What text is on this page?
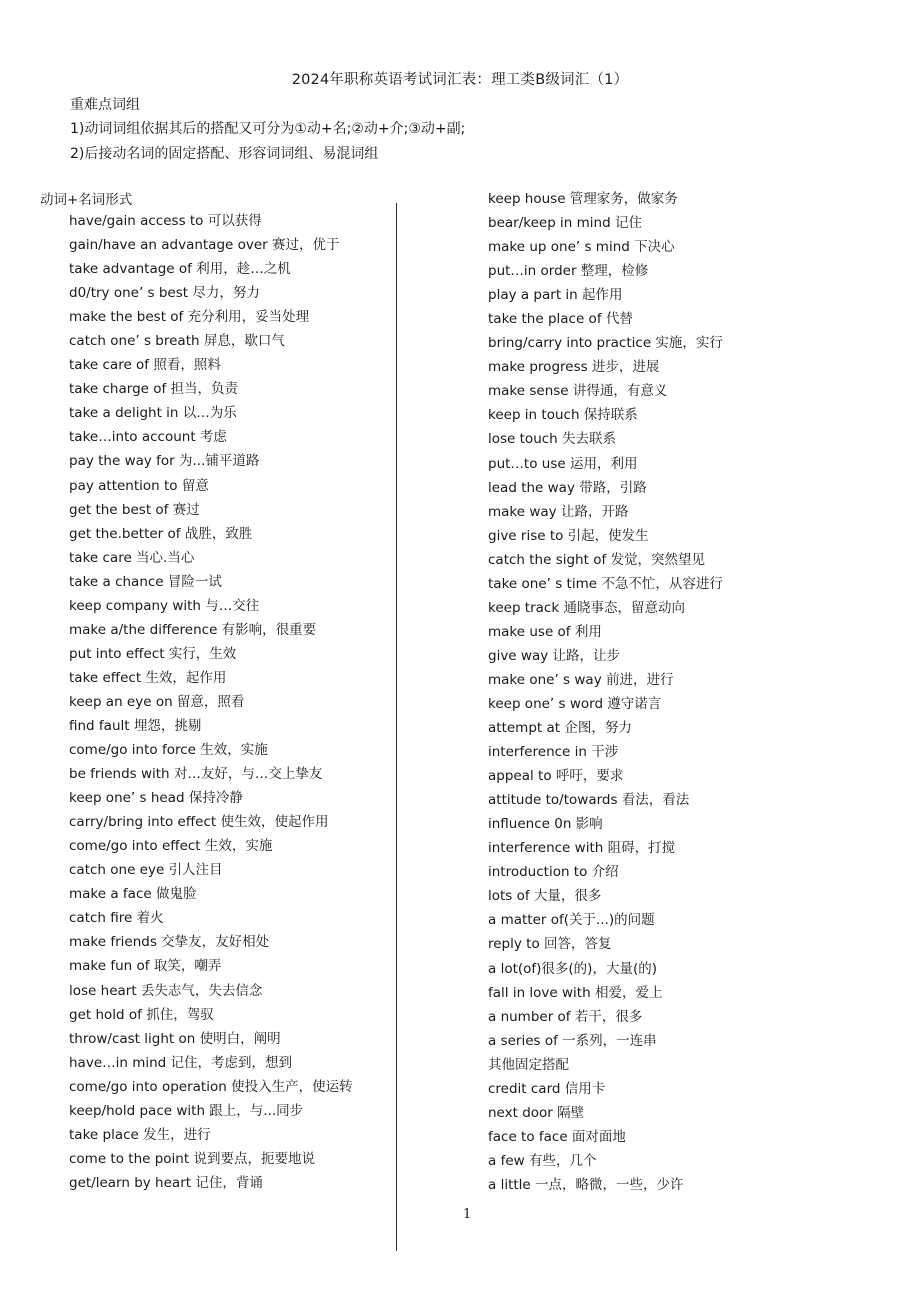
2024年职称英语考试词汇表：理工类B级词汇（1）
重难点词组
1)动词词组依据其后的搭配又可分为①动+名;②动+介;③动+副;
2)后接动名词的固定搭配、形容词词组、易混词组
动词+名词形式
have/gain access to 可以获得
gain/have an advantage over 赛过，优于
take advantage of 利用，趁…之机
d0/try one’ s best 尽力，努力
make the best of 充分利用，妥当处理
catch one’ s breath 屏息，歇口气
take care of 照看，照料
take charge of 担当，负责
take a delight in 以…为乐
take…into account 考虑
pay the way for 为...铺平道路
pay attention to 留意
get the best of 赛过
get the.better of 战胜，致胜
take care 当心.当心
take a chance 冒险一试
keep company with 与…交往
make a/the difference 有影响，很重要
put into effect 实行，生效
take effect 生效，起作用
keep an eye on 留意，照看
find fault 埋怨，挑剔
come/go into force 生效，实施
be friends with 对…友好，与…交上挚友
keep one’ s head 保持冷静
carry/bring into effect 使生效，使起作用
come/go into effect 生效，实施
catch one eye 引人注目
make a face 做鬼脸
catch fire 着火
make friends 交挚友，友好相处
make fun of 取笑，嘲弄
lose heart 丢失志气，失去信念
get hold of 抓住，驾驭
throw/cast light on 使明白，阐明
have…in mind 记住，考虑到，想到
come/go into operation 使投入生产，使运转
keep/hold pace with 跟上，与...同步
take place 发生，进行
come to the point 说到要点，扼要地说
get/learn by heart 记住，背诵
keep house 管理家务，做家务
bear/keep in mind 记住
make up one’ s mind 下决心
put…in order 整理，检修
play a part in 起作用
take the place of 代替
bring/carry into practice 实施，实行
make progress 进步，进展
make sense 讲得通，有意义
keep in touch 保持联系
lose touch 失去联系
put…to use 运用，利用
lead the way 带路，引路
make way 让路，开路
give rise to 引起，使发生
catch the sight of 发觉，突然望见
take one’ s time 不急不忙，从容进行
keep track 通晓事态，留意动向
make use of 利用
give way 让路，让步
make one’ s way 前进，进行
keep one’ s word 遵守诺言
attempt at 企图，努力
interference in 干涉
appeal to 呼吁，要求
attitude to/towards 看法，看法
influence 0n 影响
interference with 阻碍，打搅
introduction to 介绍
lots of 大量，很多
a matter of(关于...)的问题
reply to 回答，答复
a lot(of)很多(的)，大量(的)
fall in love with 相爱，爱上
a number of 若干，很多
a series of 一系列，一连串
其他固定搭配
credit card 信用卡
next door 隔壁
face to face 面对面地
a few 有些，几个
a little 一点，略微，一些，少许
1
